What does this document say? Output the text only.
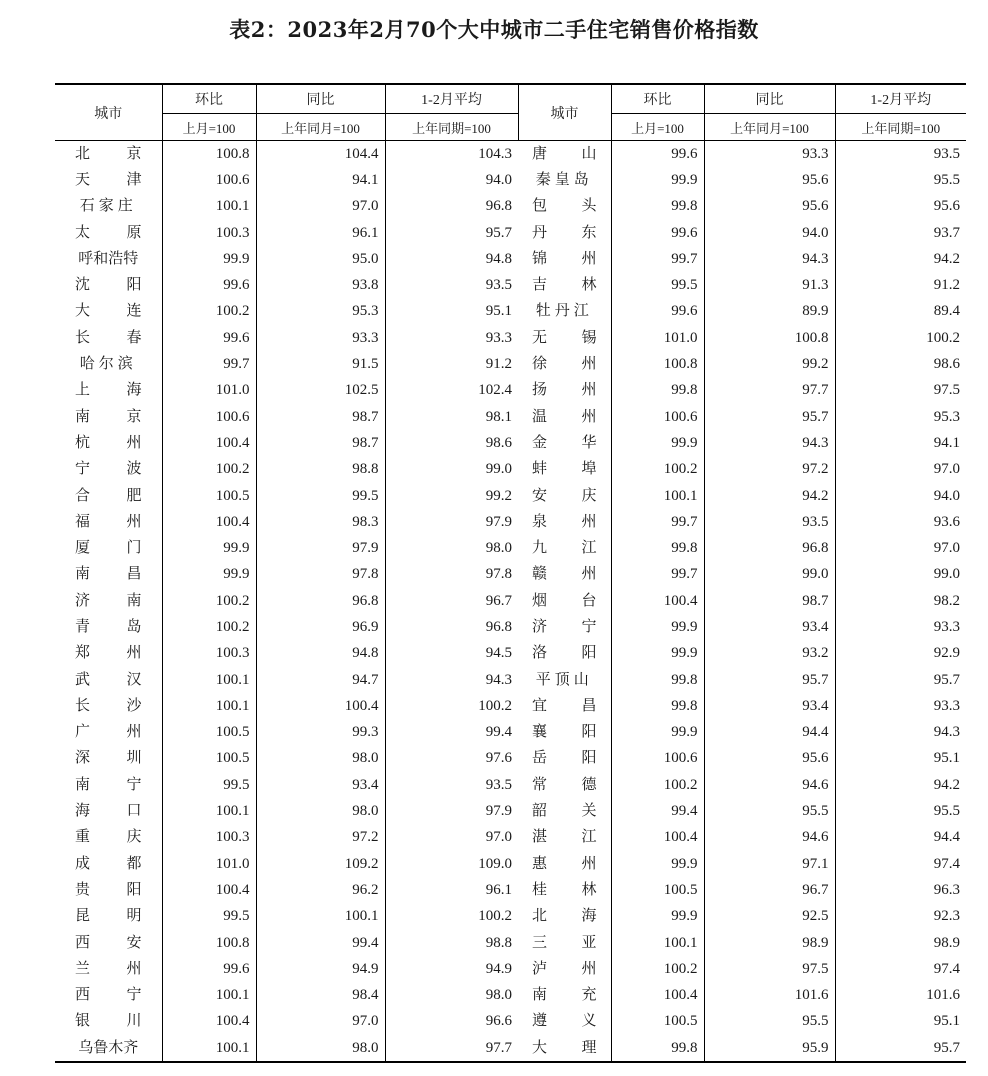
表2：2023年2月70个大中城市二手住宅销售价格指数
城市	环比	同比	1-2月平均	城市	环比	同比	1-2月平均
	上月=100	上年同月=100	上年同期=100		上月=100	上年同月=100	上年同期=100

北　京	100.8	104.4	104.3	唐　山	99.6	93.3	93.5

天　津	100.6	94.1	94.0	秦皇岛	99.9	95.6	95.5

石家庄	100.1	97.0	96.8	包　头	99.8	95.6	95.6

太　原	100.3	96.1	95.7	丹　东	99.6	94.0	93.7

呼和浩特	99.9	95.0	94.8	锦　州	99.7	94.3	94.2

沈　阳	99.6	93.8	93.5	吉　林	99.5	91.3	91.2

大　连	100.2	95.3	95.1	牡丹江	99.6	89.9	89.4

长　春	99.6	93.3	93.3	无　锡	101.0	100.8	100.2

哈尔滨	99.7	91.5	91.2	徐　州	100.8	99.2	98.6

上　海	101.0	102.5	102.4	扬　州	99.8	97.7	97.5

南　京	100.6	98.7	98.1	温　州	100.6	95.7	95.3

杭　州	100.4	98.7	98.6	金　华	99.9	94.3	94.1

宁　波	100.2	98.8	99.0	蚌　埠	100.2	97.2	97.0

合　肥	100.5	99.5	99.2	安　庆	100.1	94.2	94.0

福　州	100.4	98.3	97.9	泉　州	99.7	93.5	93.6

厦　门	99.9	97.9	98.0	九　江	99.8	96.8	97.0

南　昌	99.9	97.8	97.8	赣　州	99.7	99.0	99.0

济　南	100.2	96.8	96.7	烟　台	100.4	98.7	98.2

青　岛	100.2	96.9	96.8	济　宁	99.9	93.4	93.3

郑　州	100.3	94.8	94.5	洛　阳	99.9	93.2	92.9

武　汉	100.1	94.7	94.3	平顶山	99.8	95.7	95.7

长　沙	100.1	100.4	100.2	宜　昌	99.8	93.4	93.3

广　州	100.5	99.3	99.4	襄　阳	99.9	94.4	94.3

深　圳	100.5	98.0	97.6	岳　阳	100.6	95.6	95.1

南　宁	99.5	93.4	93.5	常　德	100.2	94.6	94.2

海　口	100.1	98.0	97.9	韶　关	99.4	95.5	95.5

重　庆	100.3	97.2	97.0	湛　江	100.4	94.6	94.4

成　都	101.0	109.2	109.0	惠　州	99.9	97.1	97.4

贵　阳	100.4	96.2	96.1	桂　林	100.5	96.7	96.3

昆　明	99.5	100.1	100.2	北　海	99.9	92.5	92.3

西　安	100.8	99.4	98.8	三　亚	100.1	98.9	98.9

兰　州	99.6	94.9	94.9	泸　州	100.2	97.5	97.4

西　宁	100.1	98.4	98.0	南　充	100.4	101.6	101.6

银　川	100.4	97.0	96.6	遵　义	100.5	95.5	95.1

乌鲁木齐	100.1	98.0	97.7	大　理	99.8	95.9	95.7
